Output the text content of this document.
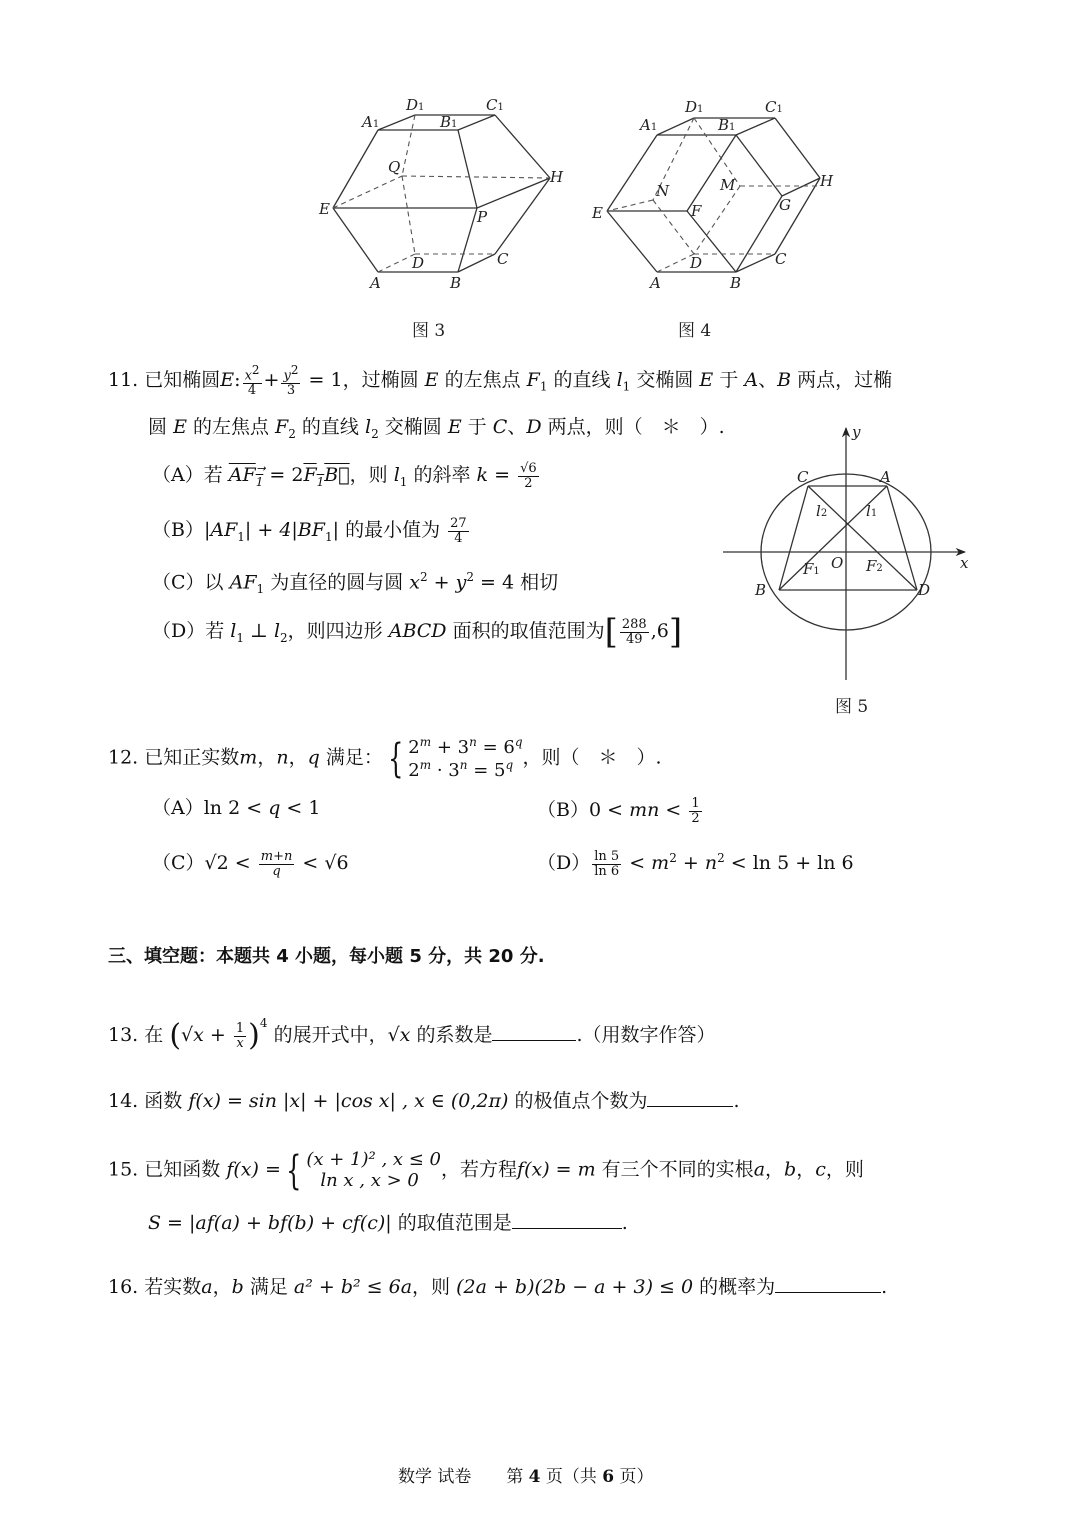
A1
D1	C1
B1
Q
H
E	P
D	C
A	B
图 3
A1
D1	C1
B1
N	M	H
E	F	G
D	C
A	B
图 4
11. 已知椭圆E: $\frac{x^2}{4} + \frac{y^2}{3} = 1$，过椭圆 E 的左焦点 $F_1$ 的直线 $l_1$ 交椭圆 E 于 A、B 两点，过椭
圆 E 的左焦点 $F_2$ 的直线 $l_2$ 交椭圆 E 于 C、D 两点，则（　＊　）.
（A）若 $AF_1 = 2F_1B$，则 $l_1$ 的斜率 $k = \frac{√6}{2}$
$(B)|AF_1| + 4|BF_1|$ 的最小值为 $\frac{27}{4}$
（C）以 $AF_1$ 为直径的圆与圆 $x^2 + y^2 = 4$ 相切
（D）若 $l_1$ ⊥ $l_2$，则四边形 ABCD 面积的取值范围为[ $\frac{288}{49} ,6$]
y
x
C	A
l2	l1
F1 O F2
B	D
图 5
12. 已知正实数m，n，q 满足： { $2^m + 3^n = 6^q$
$2^m \cdot 3^n = 5^q$ ，则（　＊　）.
（A）ln 2 < q < 1	（B）0 < mn < $\frac{1}{2}$
$(C)√2 < \frac{m+n}{q} < √6$	$(D) \frac{\ln 5}{\ln 6} < m^2 + n^2 < \ln 5 + \ln 6$
三、填空题：本题共 4 小题，每小题 5 分，共 20 分.
13. 在 $(√x + \frac{1}{x} )^4$ 的展开式中，√x 的系数是	.（用数字作答）
14. 函数 f(x) = sin |x| + |cos x| , x ∈ (0,2π) 的极值点个数为	.
15. 已知函数 f(x) = { (x + 1)² , x ≤ 0
ln x , x > 0	，若方程f(x) = m 有三个不同的实根a，b，c，则
S = |af(a) + bf(b) + cf(c)| 的取值范围是	.
16. 若实数a，b 满足 a² + b² ≤ 6a，则 (2a + b)(2b − a + 3) ≤ 0 的概率为	.
数学 试卷 第 4 页（共 6 页）
